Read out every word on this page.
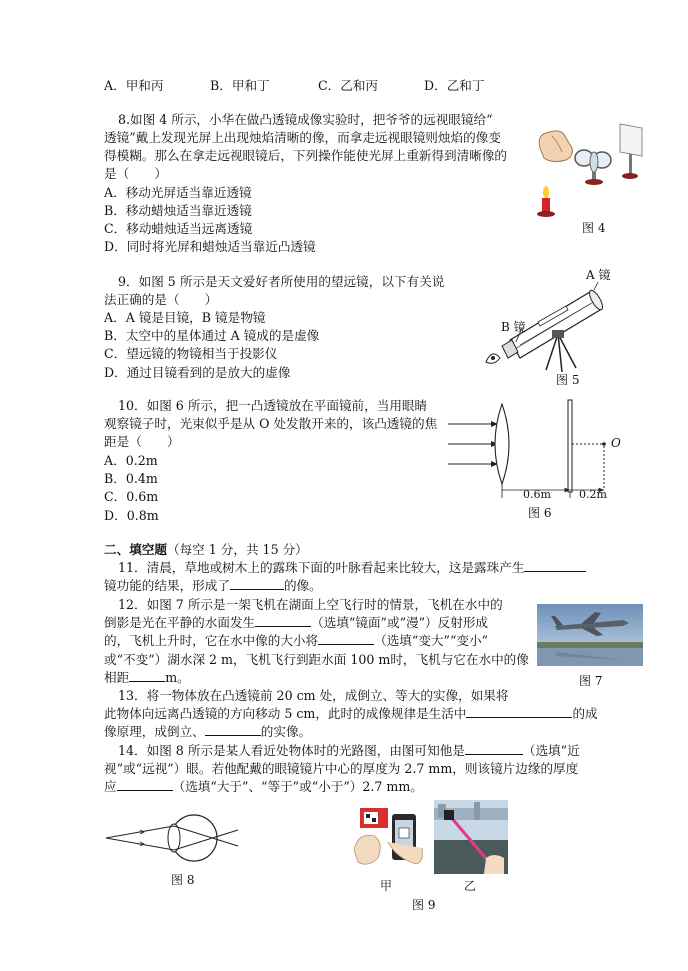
A．甲和丙	B．甲和丁	C．乙和丙	D．乙和丁
8.如图 4 所示，小华在做凸透镜成像实验时，把爷爷的远视眼镜给“
透镜”戴上发现光屏上出现烛焰清晰的像，而拿走远视眼镜则烛焰的像变
得模糊。那么在拿走远视眼镜后，下列操作能使光屏上重新得到清晰像的
是（　　）
A．移动光屏适当靠近透镜
B．移动蜡烛适当靠近透镜
C．移动蜡烛适当远离透镜
D．同时将光屏和蜡烛适当靠近凸透镜
图 4
9．如图 5 所示是天文爱好者所使用的望远镜，以下有关说
法正确的是（　　）
A．A 镜是目镜，B 镜是物镜
B．太空中的星体通过 A 镜成的是虚像
C．望远镜的物镜相当于投影仪
D．通过目镜看到的是放大的虚像
A 镜
B 镜
图 5
10．如图 6 所示，把一凸透镜放在平面镜前，当用眼睛
观察镜子时，光束似乎是从 O 处发散开来的，该凸透镜的焦
距是（　　）
A．0.2m
B．0.4m
C．0.6m
D．0.8m
O
0.6m	0.2m
图 6
二、填空题（每空 1 分，共 15 分）
11．清晨，草地或树木上的露珠下面的叶脉看起来比较大，这是露珠产生
镜功能的结果，形成了	的像。
12．如图 7 所示是一架飞机在湖面上空飞行时的情景，飞机在水中的
倒影是光在平静的水面发生	（选填“镜面”或“漫”）反射形成
的，飞机上升时，它在水中像的大小将	（选填“变大”“变小”
或“不变”）湖水深 2 m，飞机飞行到距水面 100 m时，飞机与它在水中的像
相距	m。	图 7
13．将一物体放在凸透镜前 20 cm 处，成倒立、等大的实像，如果将
此物体向远离凸透镜的方向移动 5 cm，此时的成像规律是生活中	的成
像原理，成倒立、	的实像。
14．如图 8 所示是某人看近处物体时的光路图，由图可知他是	（选填“近
视”或“远视”）眼。若他配戴的眼镜镜片中心的厚度为 2.7 mm，则该镜片边缘的厚度
应	（选填“大于”、“等于”或“小于”）2.7 mm。
图 8	甲	乙
图 9
